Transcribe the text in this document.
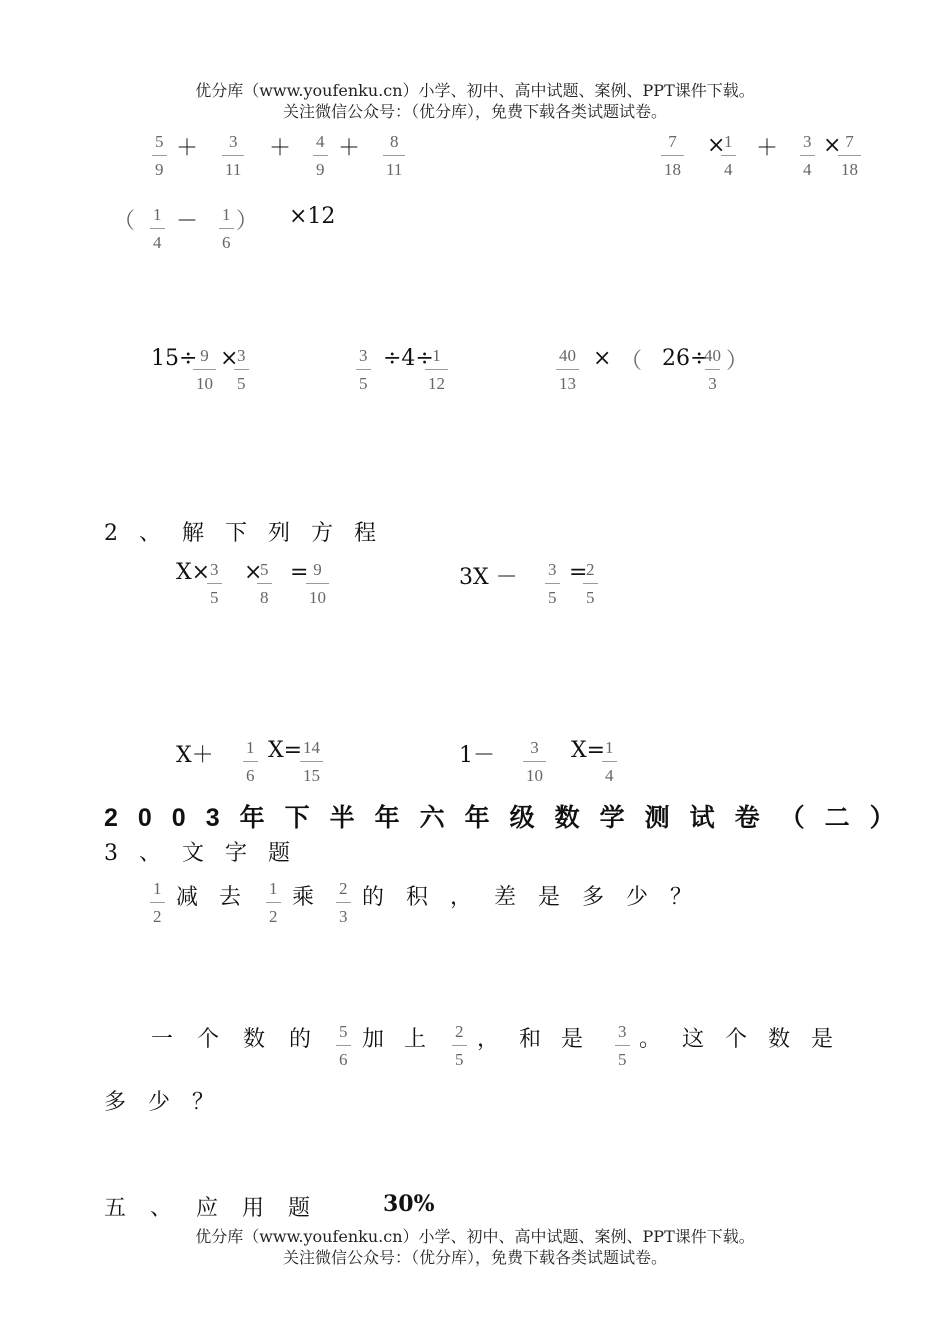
优分库（www.youfenku.cn）小学、初中、高中试题、案例、PPT课件下载。
关注微信公众号：（优分库），免费下载各类试题试卷。
$\frac{5}{9} + \frac{3}{11} + \frac{4}{9} + \frac{8}{11}$	$\frac{7}{18}$ ×
$\frac{1}{4} + \frac{3}{4}$ ×
$\frac{7}{18}$
（ $\frac{1}{4} - \frac{1}{6}$ ） ×12
15÷
$\frac{9}{10}$ ×
$\frac{3}{5}$	$\frac{3}{5} \div 4\div$
$\frac{1}{12}$	$\frac{40}{13}$ × （ 26÷
$\frac{40}{3}$ ）
2、解下列方程
X×
$\frac{3}{5}$ ×
$\frac{5}{8}$ =
$\frac{9}{10}$	$3X - \frac{3}{5}$ =
$\frac{2}{5}$
$X+ \frac{1}{6} X=$
$\frac{14}{15}$	$1- \frac{3}{10} X=$
$\frac{1}{4}$
2003年下半年六年级数学测试卷（二）
3、文字题
$\frac{1}{2}$ 减去 $\frac{1}{2}$ 乘 $\frac{2}{3}$ 的积，差是多少？
一个数的 $\frac{5}{6}$ 加上 $\frac{2}{5}$ ，和是 $\frac{3}{5}$ 。这个数是
多少？
五、应用题 30%
优分库（www.youfenku.cn）小学、初中、高中试题、案例、PPT课件下载。
关注微信公众号：（优分库），免费下载各类试题试卷。
